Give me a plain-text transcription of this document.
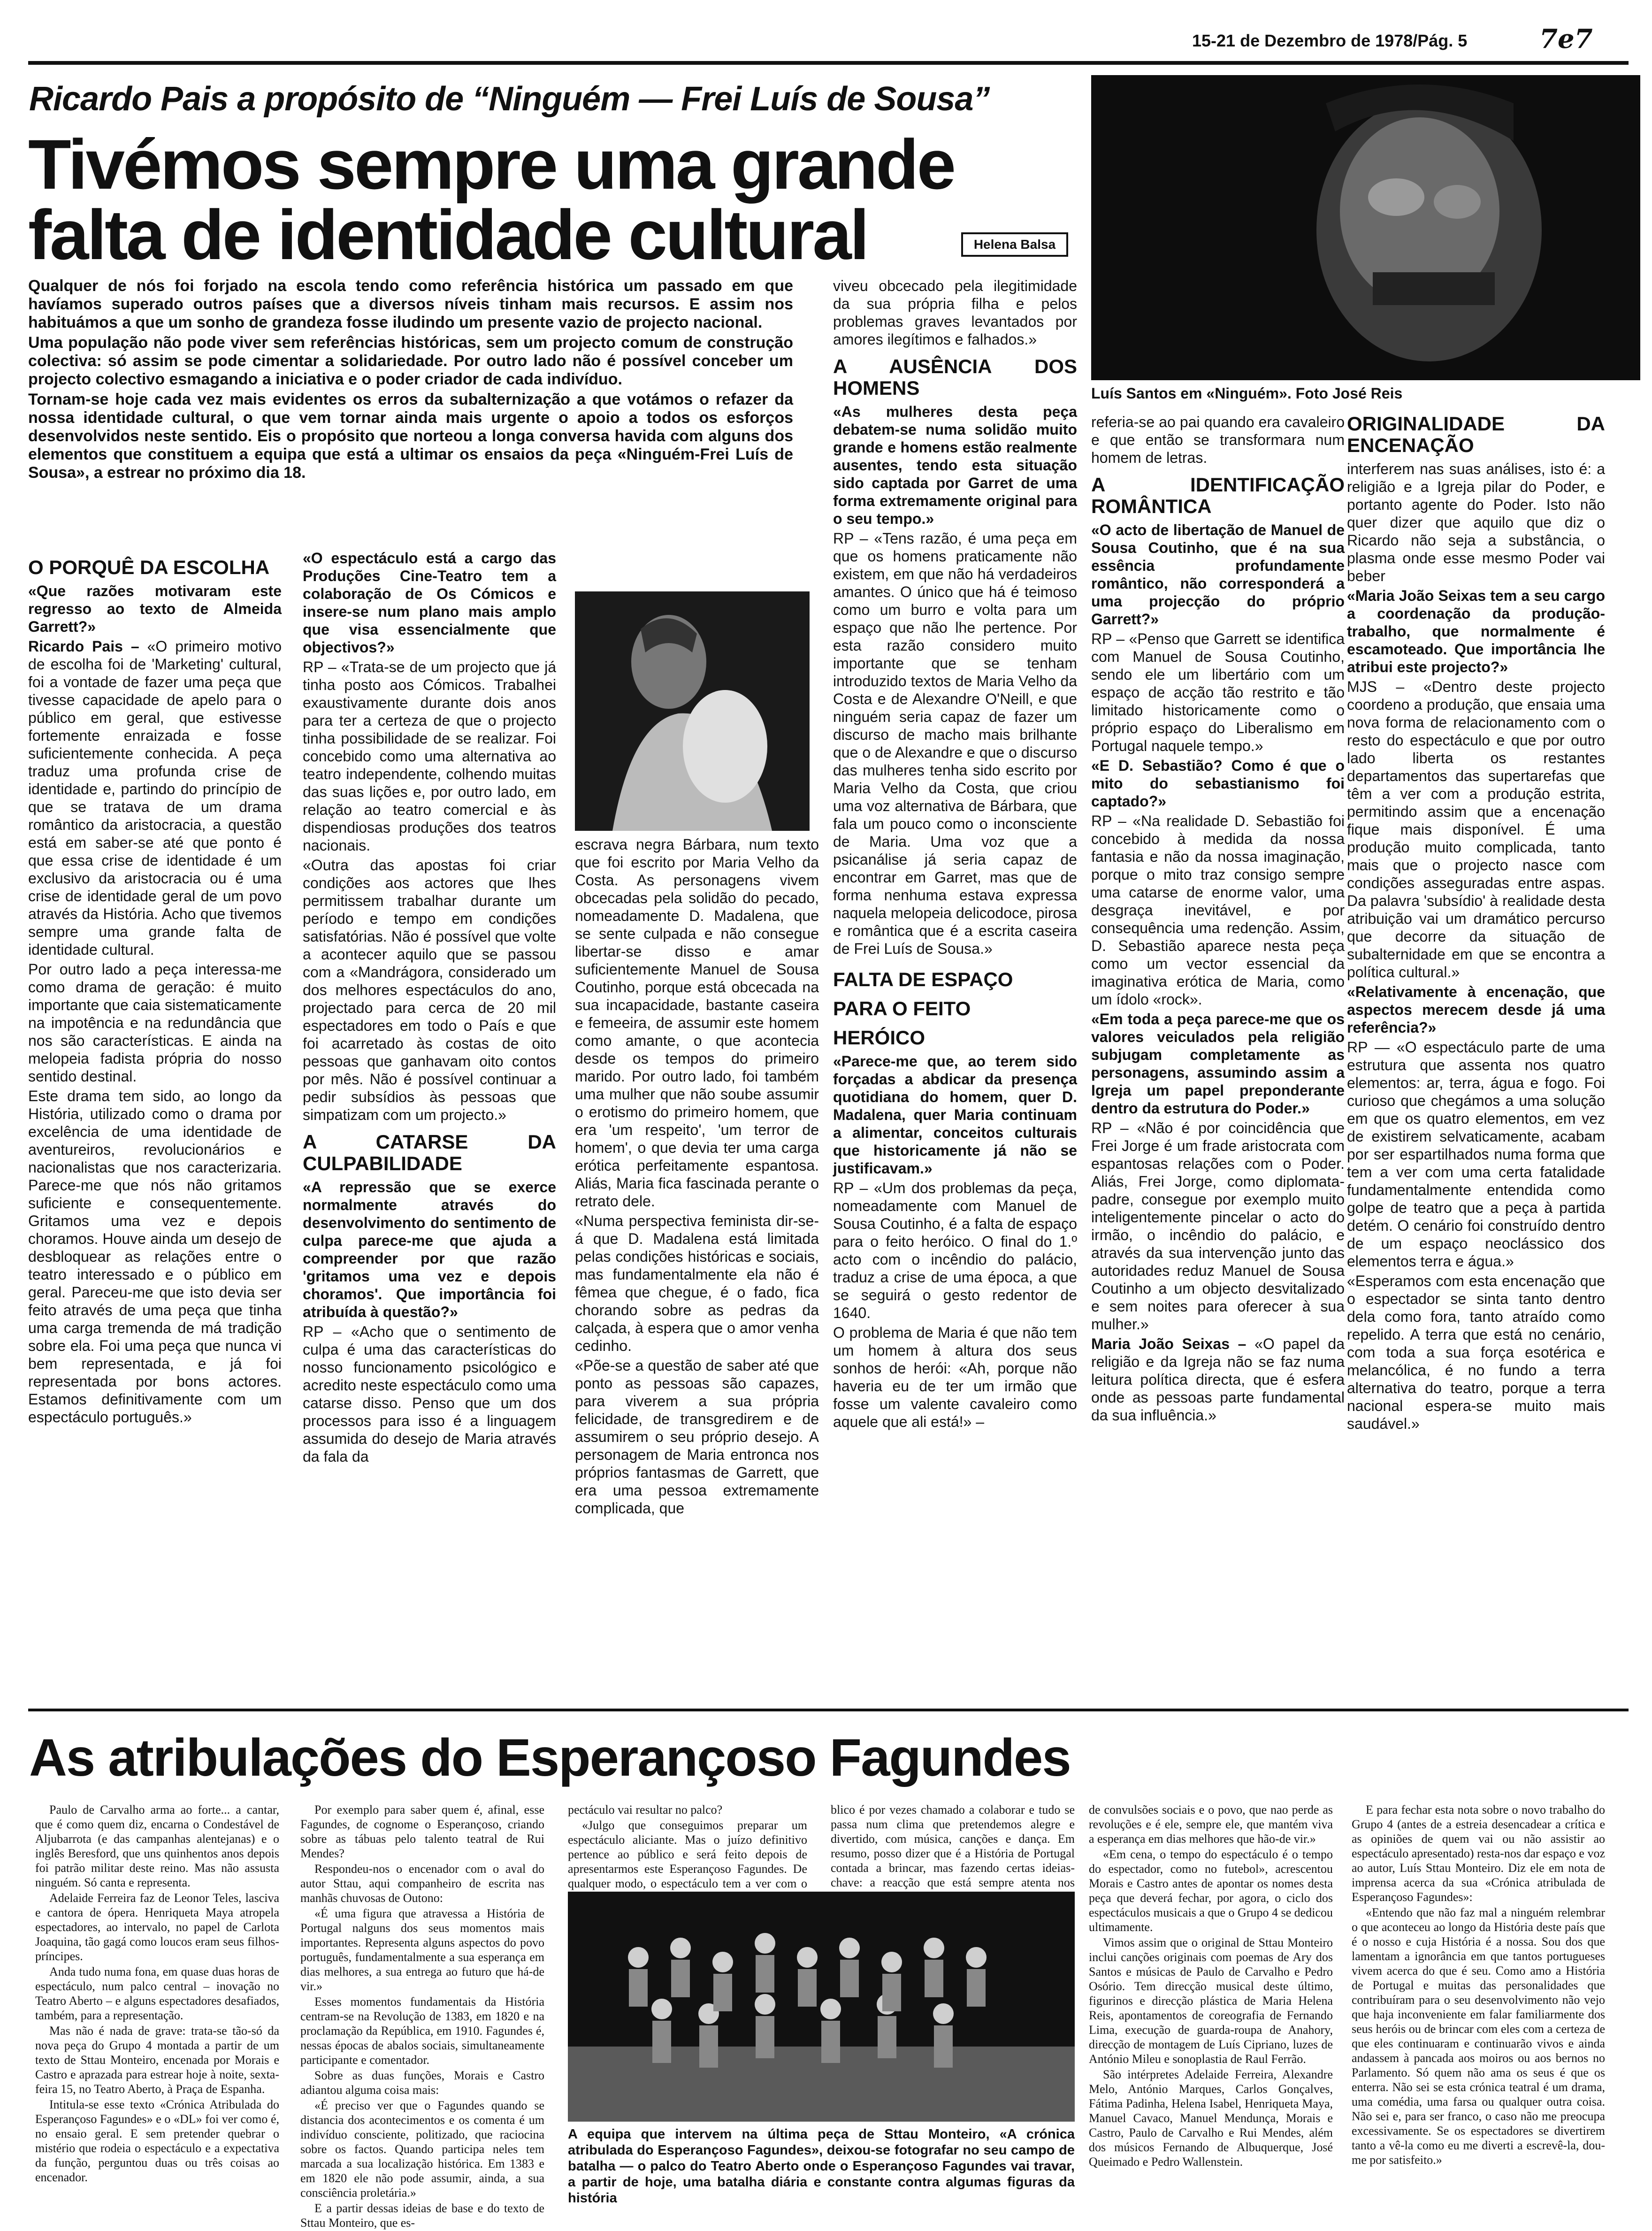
15-21 de Dezembro de 1978/Pág. 5	7e7
Ricardo Pais a propósito de “Ninguém — Frei Luís de Sousa”
Tivémos sempre uma grande
falta de identidade cultural	Helena Balsa

Qualquer de nós foi forjado na escola tendo como referência histórica um passado em que havíamos superado outros países que a diversos níveis tinham mais recursos. E assim nos habituámos a que um sonho de grandeza fosse iludindo um presente vazio de projecto nacional.

Uma população não pode viver sem referências históricas, sem um projecto comum de construção colectiva: só assim se pode cimentar a solidariedade. Por outro lado não é possível conceber um projecto colectivo esmagando a iniciativa e o poder criador de cada indivíduo.

Tornam-se hoje cada vez mais evidentes os erros da subalternização a que votámos o refazer da nossa identidade cultural, o que vem tornar ainda mais urgente o apoio a todos os esforços desenvolvidos neste sentido. Eis o propósito que norteou a longa conversa havida com alguns dos elementos que constituem a equipa que está a ultimar os ensaios da peça «Ninguém-Frei Luís de Sousa», a estrear no próximo dia 18.

Luís Santos em «Ninguém». Foto José Reis
O PORQUÊ DA ESCOLHA

«Que razões motivaram este regresso ao texto de Almeida Garrett?»

Ricardo Pais – «O primeiro motivo de escolha foi de 'Marketing' cultural, foi a vontade de fazer uma peça que tivesse capacidade de apelo para o público em geral, que estivesse fortemente enraizada e fosse suficientemente conhecida. A peça traduz uma profunda crise de identidade e, partindo do princípio de que se tratava de um drama romântico da aristocracia, a questão está em saber-se até que ponto é que essa crise de identidade é um exclusivo da aristocracia ou é uma crise de identidade geral de um povo através da História. Acho que tivemos sempre uma grande falta de identidade cultural.

Por outro lado a peça interessa-me como drama de geração: é muito importante que caia sistematicamente na impotência e na redundância que nos são características. E ainda na melopeia fadista própria do nosso sentido destinal.

Este drama tem sido, ao longo da História, utilizado como o drama por excelência de uma identidade de aventureiros, revolucionários e nacionalistas que nos caracterizaria. Parece-me que nós não gritamos suficiente e consequentemente. Gritamos uma vez e depois choramos. Houve ainda um desejo de desbloquear as relações entre o teatro interessado e o público em geral. Pareceu-me que isto devia ser feito através de uma peça que tinha uma carga tremenda de má tradição sobre ela. Foi uma peça que nunca vi bem representada, e já foi representada por bons actores. Estamos definitivamente com um espectáculo português.»

«O espectáculo está a cargo das Produções Cine-Teatro tem a colaboração de Os Cómicos e insere-se num plano mais amplo que visa essencialmente que objectivos?»

RP – «Trata-se de um projecto que já tinha posto aos Cómicos. Trabalhei exaustivamente durante dois anos para ter a certeza de que o projecto tinha possibilidade de se realizar. Foi concebido como uma alternativa ao teatro independente, colhendo muitas das suas lições e, por outro lado, em relação ao teatro comercial e às dispendiosas produções dos teatros nacionais.

«Outra das apostas foi criar condições aos actores que lhes permitissem trabalhar durante um período e tempo em condições satisfatórias. Não é possível que volte a acontecer aquilo que se passou com a «Mandrágora, considerado um dos melhores espectáculos do ano, projectado para cerca de 20 mil espectadores em todo o País e que foi acarretado às costas de oito pessoas que ganhavam oito contos por mês. Não é possível continuar a pedir subsídios às pessoas que simpatizam com um projecto.»

A CATARSE DA CULPABILIDADE

«A repressão que se exerce normalmente através do desenvolvimento do sentimento de culpa parece-me que ajuda a compreender por que razão 'gritamos uma vez e depois choramos'. Que importância foi atribuída à questão?»

RP – «Acho que o sentimento de culpa é uma das características do nosso funcionamento psicológico e acredito neste espectáculo como uma catarse disso. Penso que um dos processos para isso é a linguagem assumida do desejo de Maria através da fala da

escrava negra Bárbara, num texto que foi escrito por Maria Velho da Costa. As personagens vivem obcecadas pela solidão do pecado, nomeadamente D. Madalena, que se sente culpada e não consegue libertar-se disso e amar suficientemente Manuel de Sousa Coutinho, porque está obcecada na sua incapacidade, bastante caseira e femeeira, de assumir este homem como amante, o que acontecia desde os tempos do primeiro marido. Por outro lado, foi também uma mulher que não soube assumir o erotismo do primeiro homem, que era 'um respeito', 'um terror de homem', o que devia ter uma carga erótica perfeitamente espantosa. Aliás, Maria fica fascinada perante o retrato dele.

«Numa perspectiva feminista dir-se-á que D. Madalena está limitada pelas condições históricas e sociais, mas fundamentalmente ela não é fêmea que chegue, é o fado, fica chorando sobre as pedras da calçada, à espera que o amor venha cedinho.

«Põe-se a questão de saber até que ponto as pessoas são capazes, para viverem a sua própria felicidade, de transgredirem e de assumirem o seu próprio desejo. A personagem de Maria entronca nos próprios fantasmas de Garrett, que era uma pessoa extremamente complicada, que

viveu obcecado pela ilegitimidade da sua própria filha e pelos problemas graves levantados por amores ilegítimos e falhados.»

A AUSÊNCIA DOS HOMENS

«As mulheres desta peça debatem-se numa solidão muito grande e homens estão realmente ausentes, tendo esta situação sido captada por Garret de uma forma extremamente original para o seu tempo.»

RP – «Tens razão, é uma peça em que os homens praticamente não existem, em que não há verdadeiros amantes. O único que há é teimoso como um burro e volta para um espaço que não lhe pertence. Por esta razão considero muito importante que se tenham introduzido textos de Maria Velho da Costa e de Alexandre O'Neill, e que ninguém seria capaz de fazer um discurso de macho mais brilhante que o de Alexandre e que o discurso das mulheres tenha sido escrito por Maria Velho da Costa, que criou uma voz alternativa de Bárbara, que fala um pouco como o inconsciente de Maria. Uma voz que a psicanálise já seria capaz de encontrar em Garret, mas que de forma nenhuma estava expressa naquela melopeia delicodoce, pirosa e romântica que é a escrita caseira de Frei Luís de Sousa.»

FALTA DE ESPAÇO
PARA O FEITO
HERÓICO

«Parece-me que, ao terem sido forçadas a abdicar da presença quotidiana do homem, quer D. Madalena, quer Maria continuam a alimentar, conceitos culturais que historicamente já não se justificavam.»

RP – «Um dos problemas da peça, nomeadamente com Manuel de Sousa Coutinho, é a falta de espaço para o feito heróico. O final do 1.º acto com o incêndio do palácio, traduz a crise de uma época, a que se seguirá o gesto redentor de 1640.

O problema de Maria é que não tem um homem à altura dos seus sonhos de herói: «Ah, porque não haveria eu de ter um irmão que fosse um valente cavaleiro como aquele que ali está!» –

referia-se ao pai quando era cavaleiro e que então se transformara num homem de letras.

A IDENTIFICAÇÃO ROMÂNTICA

«O acto de libertação de Manuel de Sousa Coutinho, que é na sua essência profundamente romântico, não corresponderá a uma projecção do próprio Garrett?»

RP – «Penso que Garrett se identifica com Manuel de Sousa Coutinho, sendo ele um libertário com um espaço de acção tão restrito e tão limitado historicamente como o próprio espaço do Liberalismo em Portugal naquele tempo.»

«E D. Sebastião? Como é que o mito do sebastianismo foi captado?»

RP – «Na realidade D. Sebastião foi concebido à medida da nossa fantasia e não da nossa imaginação, porque o mito traz consigo sempre uma catarse de enorme valor, uma desgraça inevitável, e por consequência uma redenção. Assim, D. Sebastião aparece nesta peça como um vector essencial da imaginativa erótica de Maria, como um ídolo «rock».

«Em toda a peça parece-me que os valores veiculados pela religião subjugam completamente as personagens, assumindo assim a Igreja um papel preponderante dentro da estrutura do Poder.»

RP – «Não é por coincidência que Frei Jorge é um frade aristocrata com espantosas relações com o Poder. Aliás, Frei Jorge, como diplomata-padre, consegue por exemplo muito inteligentemente pincelar o acto do irmão, o incêndio do palácio, e através da sua intervenção junto das autoridades reduz Manuel de Sousa Coutinho a um objecto desvitalizado e sem noites para oferecer à sua mulher.»

Maria João Seixas – «O papel da religião e da Igreja não se faz numa leitura política directa, que é esfera onde as pessoas parte fundamental da sua influência.»

ORIGINALIDADE DA ENCENAÇÃO

interferem nas suas análises, isto é: a religião e a Igreja pilar do Poder, e portanto agente do Poder. Isto não quer dizer que aquilo que diz o Ricardo não seja a substância, o plasma onde esse mesmo Poder vai beber

«Maria João Seixas tem a seu cargo a coordenação da produção-trabalho, que normalmente é escamoteado. Que importância lhe atribui este projecto?»

MJS – «Dentro deste projecto coordeno a produção, que ensaia uma nova forma de relacionamento com o resto do espectáculo e que por outro lado liberta os restantes departamentos das supertarefas que têm a ver com a produção estrita, permitindo assim que a encenação fique mais disponível. É uma produção muito complicada, tanto mais que o projecto nasce com condições asseguradas entre aspas. Da palavra 'subsídio' à realidade desta atribuição vai um dramático percurso que decorre da situação de subalternidade em que se encontra a política cultural.»

«Relativamente à encenação, que aspectos merecem desde já uma referência?»

RP — «O espectáculo parte de uma estrutura que assenta nos quatro elementos: ar, terra, água e fogo. Foi curioso que chegámos a uma solução em que os quatro elementos, em vez de existirem selvaticamente, acabam por ser espartilhados numa forma que tem a ver com uma certa fatalidade fundamentalmente entendida como golpe de teatro que a peça à partida detém. O cenário foi construído dentro de um espaço neoclássico dos elementos terra e água.»

«Esperamos com esta encenação que o espectador se sinta tanto dentro dela como fora, tanto atraído como repelido. A terra que está no cenário, com toda a sua força esotérica e melancólica, é no fundo a terra alternativa do teatro, porque a terra nacional espera-se muito mais saudável.»

As atribulações do Esperançoso Fagundes

Paulo de Carvalho arma ao forte... a cantar, que é como quem diz, encarna o Condestável de Aljubarrota (e das campanhas alentejanas) e o inglês Beresford, que uns quinhentos anos depois foi patrão militar deste reino. Mas não assusta ninguém. Só canta e representa.

Adelaide Ferreira faz de Leonor Teles, lasciva e cantora de ópera. Henriqueta Maya atropela espectadores, ao intervalo, no papel de Carlota Joaquina, tão gagá como loucos eram seus filhos-príncipes.

Anda tudo numa fona, em quase duas horas de espectáculo, num palco central – inovação no Teatro Aberto – e alguns espectadores desafiados, também, para a representação.

Mas não é nada de grave: trata-se tão-só da nova peça do Grupo 4 montada a partir de um texto de Sttau Monteiro, encenada por Morais e Castro e aprazada para estrear hoje à noite, sexta-feira 15, no Teatro Aberto, à Praça de Espanha.

Intitula-se esse texto «Crónica Atribulada do Esperançoso Fagundes» e o «DL» foi ver como é, no ensaio geral. E sem pretender quebrar o mistério que rodeia o espectáculo e a expectativa da função, perguntou duas ou três coisas ao encenador.

Por exemplo para saber quem é, afinal, esse Fagundes, de cognome o Esperançoso, criando sobre as tábuas pelo talento teatral de Rui Mendes?

Respondeu-nos o encenador com o aval do autor Sttau, aqui companheiro de escrita nas manhãs chuvosas de Outono:

«É uma figura que atravessa a História de Portugal nalguns dos seus momentos mais importantes. Representa alguns aspectos do povo português, fundamentalmente a sua esperança em dias melhores, a sua entrega ao futuro que há-de vir.»

Esses momentos fundamentais da História centram-se na Revolução de 1383, em 1820 e na proclamação da República, em 1910. Fagundes é, nessas épocas de abalos sociais, simultaneamente participante e comentador.

Sobre as duas funções, Morais e Castro adiantou alguma coisa mais:

«É preciso ver que o Fagundes quando se distancia dos acontecimentos e os comenta é um indivíduo consciente, politizado, que raciocina sobre os factos. Quando participa neles tem marcada a sua localização histórica. Em 1383 e em 1820 ele não pode assumir, ainda, a sua consciência proletária.»

E a partir dessas ideias de base e do texto de Sttau Monteiro, que es-

pectáculo vai resultar no palco?

«Julgo que conseguimos preparar um espectáculo aliciante. Mas o juízo definitivo pertence ao público e será feito depois de apresentarmos este Esperançoso Fagundes. De qualquer modo, o espectáculo tem a ver com o

blico é por vezes chamado a colaborar e tudo se passa num clima que pretendemos alegre e divertido, com música, canções e dança. Em resumo, posso dizer que é a História de Portugal contada a brincar, mas fazendo certas ideias-chave: a reacção que está sempre atenta nos

A equipa que intervem na última peça de Sttau Monteiro, «A crónica atribulada do Esperançoso Fagundes», deixou-se fotografar no seu campo de batalha — o palco do Teatro Aberto onde o Esperançoso Fagundes vai travar, a partir de hoje, uma batalha diária e constante contra algumas figuras da história

de convulsões sociais e o povo, que nao perde as revoluções e é ele, sempre ele, que mantém viva a esperança em dias melhores que hão-de vir.»

«Em cena, o tempo do espectáculo é o tempo do espectador, como no futebol», acrescentou Morais e Castro antes de apontar os nomes desta peça que deverá fechar, por agora, o ciclo dos espectáculos musicais a que o Grupo 4 se dedicou ultimamente.

Vimos assim que o original de Sttau Monteiro inclui canções originais com poemas de Ary dos Santos e músicas de Paulo de Carvalho e Pedro Osório. Tem direcção musical deste último, figurinos e direcção plástica de Maria Helena Reis, apontamentos de coreografia de Fernando Lima, execução de guarda-roupa de Anahory, direcção de montagem de Luís Cipriano, luzes de António Mileu e sonoplastia de Raul Ferrão.

São intérpretes Adelaide Ferreira, Alexandre Melo, António Marques, Carlos Gonçalves, Fátima Padinha, Helena Isabel, Henriqueta Maya, Manuel Cavaco, Manuel Mendunça, Morais e Castro, Paulo de Carvalho e Rui Mendes, além dos músicos Fernando de Albuquerque, José Queimado e Pedro Wallenstein.

E para fechar esta nota sobre o novo trabalho do Grupo 4 (antes de a estreia desencadear a crítica e as opiniões de quem vai ou não assistir ao espectáculo apresentado) resta-nos dar espaço e voz ao autor, Luís Sttau Monteiro. Diz ele em nota de imprensa acerca da sua «Crónica atribulada de Esperançoso Fagundes»:

«Entendo que não faz mal a ninguém relembrar o que aconteceu ao longo da História deste país que é o nosso e cuja História é a nossa. Sou dos que lamentam a ignorância em que tantos portugueses vivem acerca do que é seu. Como amo a História de Portugal e muitas das personalidades que contribuíram para o seu desenvolvimento não vejo que haja inconveniente em falar familiarmente dos seus heróis ou de brincar com eles com a certeza de que eles continuaram e continuarão vivos e ainda andassem à pancada aos moiros ou aos bernos no Parlamento. Só quem não ama os seus é que os enterra. Não sei se esta crónica teatral é um drama, uma comédia, uma farsa ou qualquer outra coisa. Não sei e, para ser franco, o caso não me preocupa excessivamente. Se os espectadores se divertirem tanto a vê-la como eu me diverti a escrevê-la, dou-me por satisfeito.»
